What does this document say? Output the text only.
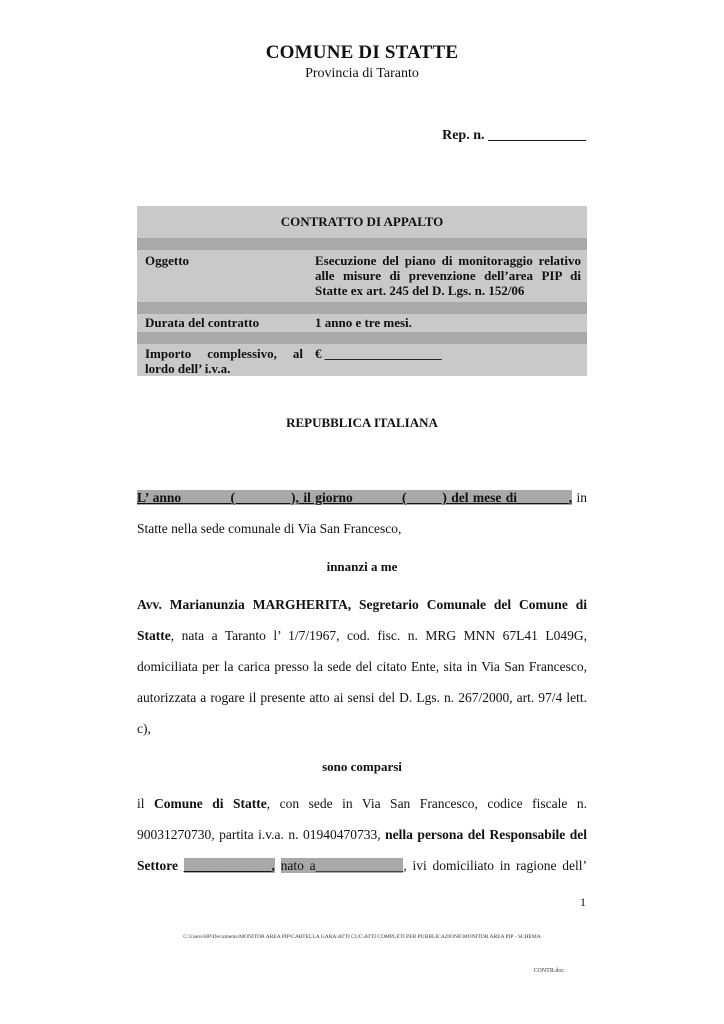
COMUNE DI STATTE
Provincia di Taranto
Rep. n. ______________
CONTRATTO DI APPALTO
Oggetto	Esecuzione del piano di monitoraggio relativo
alle misure di prevenzione dell’area PIP di
Statte ex art. 245 del D. Lgs. n. 152/06
Durata del contratto	1 anno e tre mesi.
Importo complessivo, al
lordo dell’ i.v.a.
€ __________________
REPUBBLICA ITALIANA
L’ anno ______ ( _______ ), il giorno ______ ( ____ ) del mese di _______, in
Statte nella sede comunale di Via San Francesco,
innanzi a me
Avv. Marianunzia MARGHERITA, Segretario Comunale del Comune di
Statte, nata a Taranto l’ 1/7/1967, cod. fisc. n. MRG MNN 67L41 L049G,
domiciliata per la carica presso la sede del citato Ente, sita in Via San Francesco,
autorizzata a rogare il presente atto ai sensi del D. Lgs. n. 267/2000, art. 97/4 lett.
c),
sono comparsi
il Comune di Statte, con sede in Via San Francesco, codice fiscale n.
90031270730, partita i.v.a. n. 01940470733, nella persona del Responsabile del
Settore _____________, nato a_____________, ivi domiciliato in ragione dell’
1
C:\Users\HP\Documents\MONITOR AREA PIP\CARTELLA GARA\ATTI CUC\ATTI COMPLETI PER PUBBLICAZIONE\MONITOR AREA PIP - SCHEMA
CONTR.doc
